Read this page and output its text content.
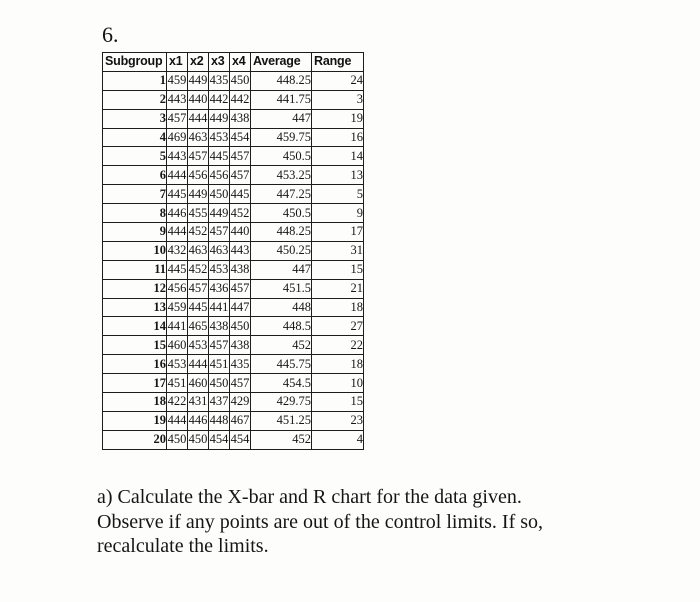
6.
Subgroup	x1	x2	x3	x4	Average	Range
1	459	449	435	450	448.25	24
2	443	440	442	442	441.75	3
3	457	444	449	438	447	19
4	469	463	453	454	459.75	16
5	443	457	445	457	450.5	14
6	444	456	456	457	453.25	13
7	445	449	450	445	447.25	5
8	446	455	449	452	450.5	9
9	444	452	457	440	448.25	17
10	432	463	463	443	450.25	31
11	445	452	453	438	447	15
12	456	457	436	457	451.5	21
13	459	445	441	447	448	18
14	441	465	438	450	448.5	27
15	460	453	457	438	452	22
16	453	444	451	435	445.75	18
17	451	460	450	457	454.5	10
18	422	431	437	429	429.75	15
19	444	446	448	467	451.25	23
20	450	450	454	454	452	4
a) Calculate the X-bar and R chart for the data given.
Observe if any points are out of the control limits. If so,
recalculate the limits.
